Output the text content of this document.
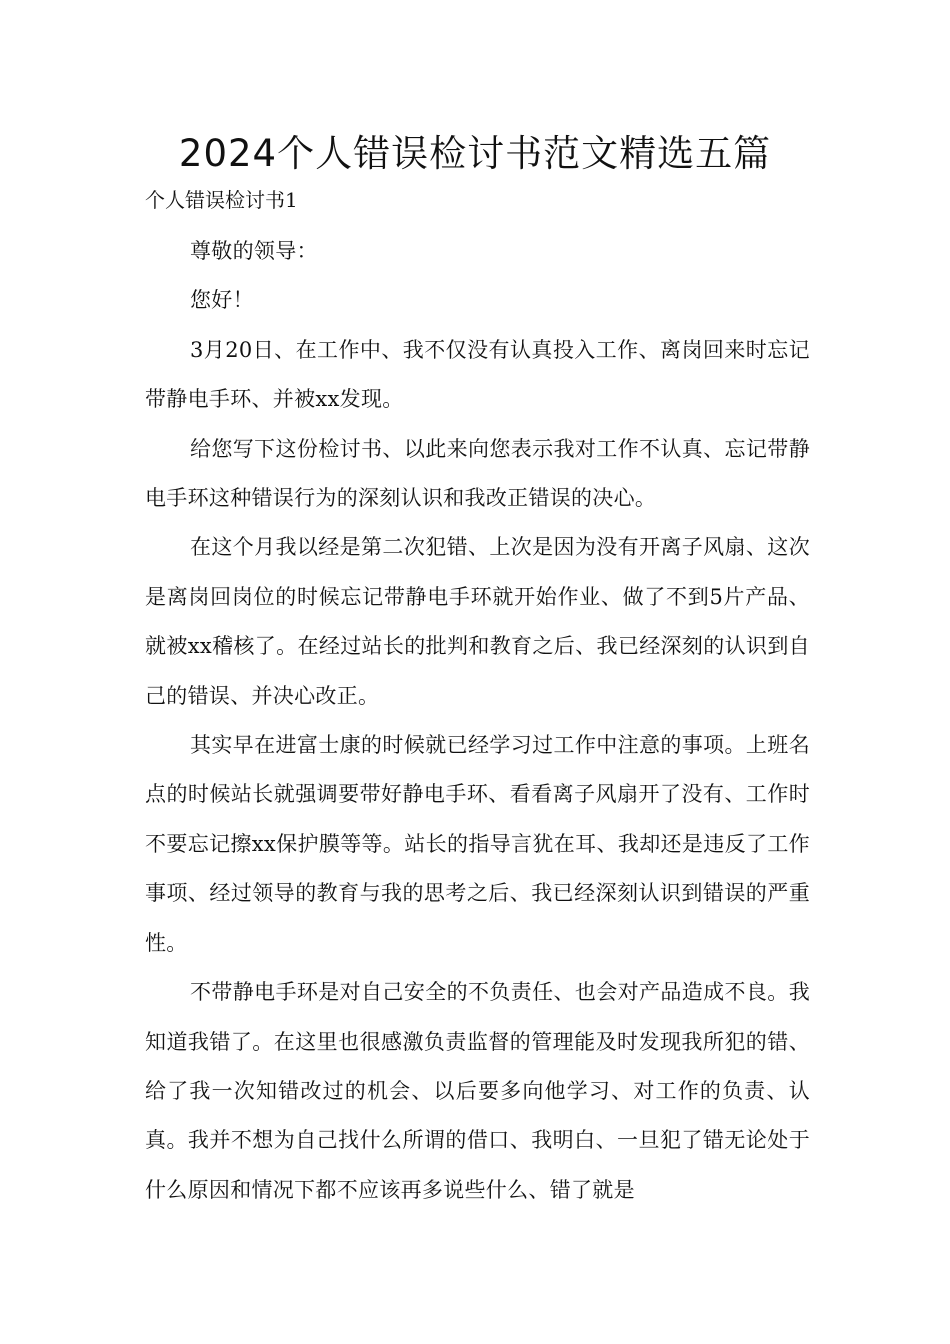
2024个人错误检讨书范文精选五篇

个人错误检讨书1

尊敬的领导：

您好！

3月20日、在工作中、我不仅没有认真投入工作、离岗回来时忘记带静电手环、并被xx发现。

给您写下这份检讨书、以此来向您表示我对工作不认真、忘记带静电手环这种错误行为的深刻认识和我改正错误的决心。

在这个月我以经是第二次犯错、上次是因为没有开离子风扇、这次是离岗回岗位的时候忘记带静电手环就开始作业、做了不到5片产品、就被xx稽核了。在经过站长的批判和教育之后、我已经深刻的认识到自己的错误、并决心改正。

其实早在进富士康的时候就已经学习过工作中注意的事项。上班名点的时候站长就强调要带好静电手环、看看离子风扇开了没有、工作时不要忘记擦xx保护膜等等。站长的指导言犹在耳、我却还是违反了工作事项、经过领导的教育与我的思考之后、我已经深刻认识到错误的严重性。

不带静电手环是对自己安全的不负责任、也会对产品造成不良。我知道我错了。在这里也很感激负责监督的管理能及时发现我所犯的错、给了我一次知错改过的机会、以后要多向他学习、对工作的负责、认真。我并不想为自己找什么所谓的借口、我明白、一旦犯了错无论处于什么原因和情况下都不应该再多说些什么、错了就是
